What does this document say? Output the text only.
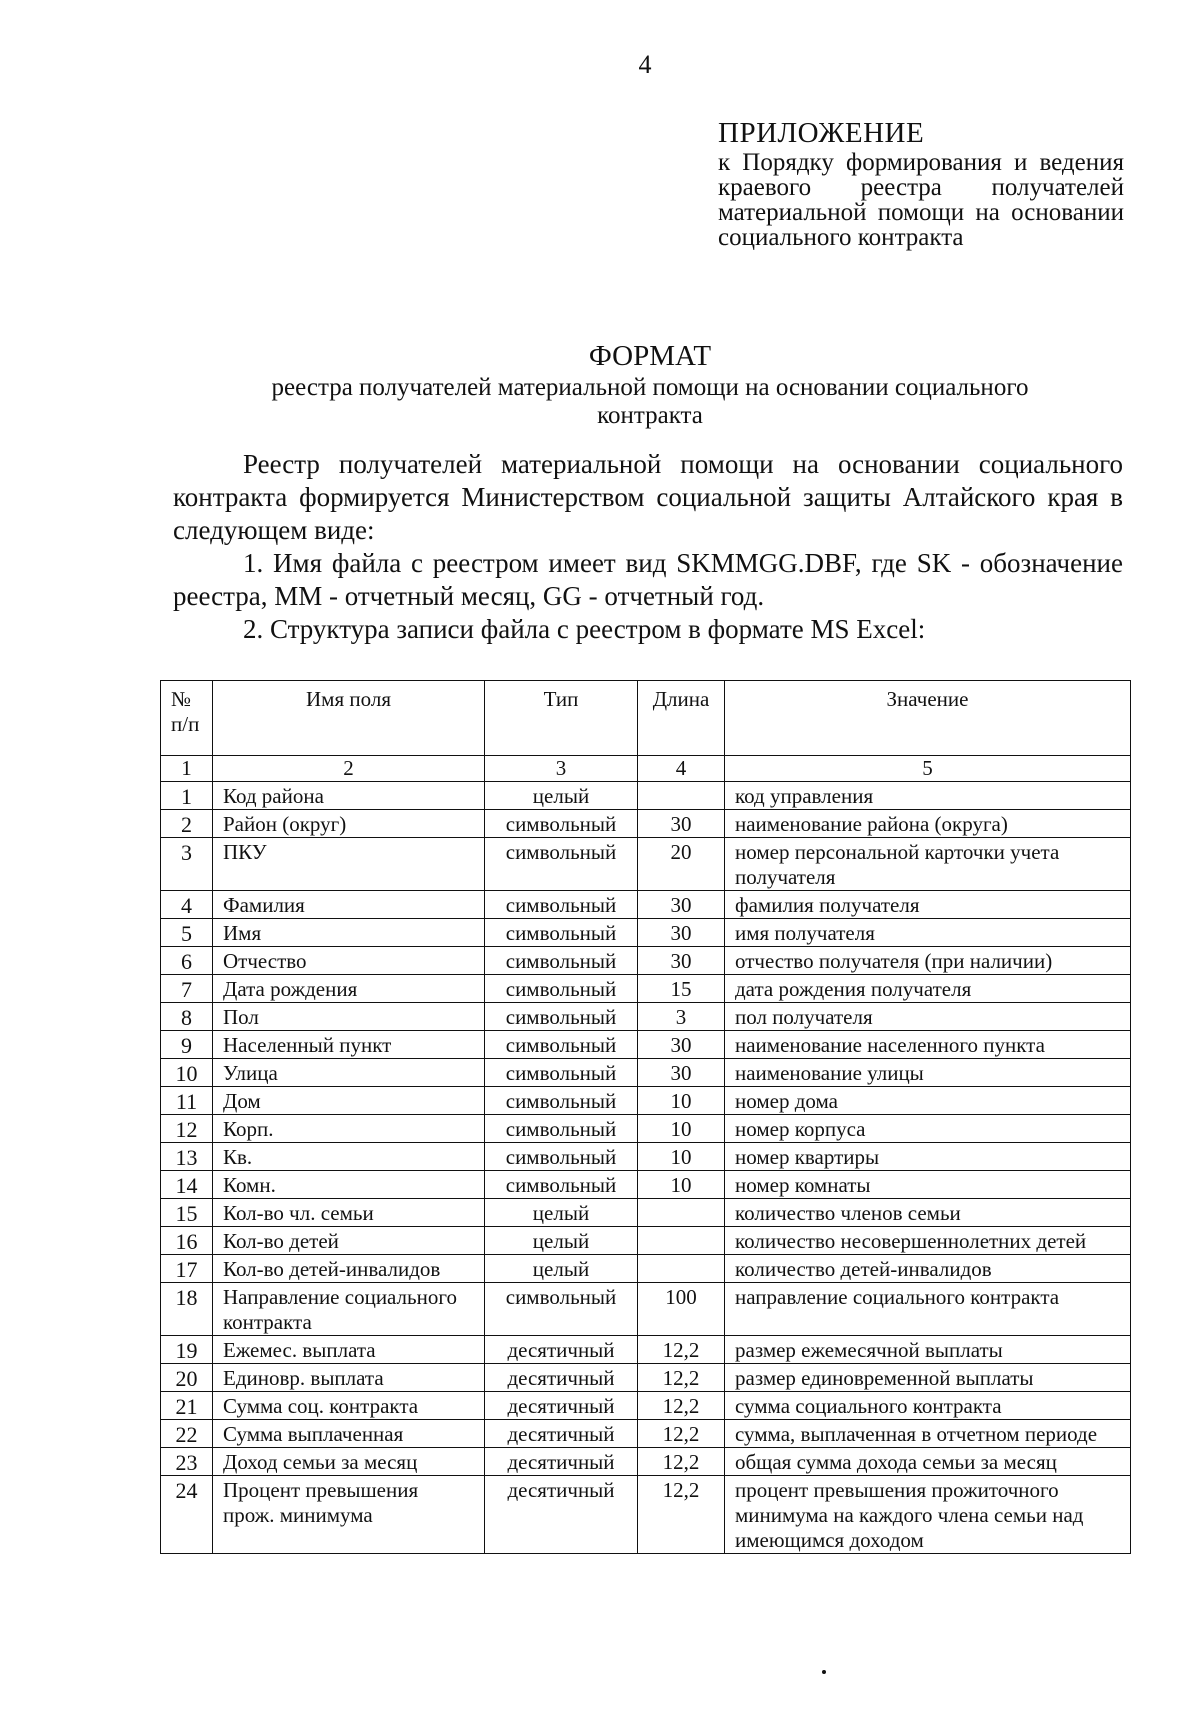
4
ПРИЛОЖЕНИЕ
к Порядку формирования и ведения краевого реестра получателей материальной помощи на основании социального контракта
ФОРМАТ
реестра получателей материальной помощи на основании социального контракта

Реестр получателей материальной помощи на основании социального контракта формируется Министерством социальной защиты Алтайского края в следующем виде:

1. Имя файла с реестром имеет вид SKMMGG.DBF, где SK - обозначение реестра, MM - отчетный месяц, GG - отчетный год.

2. Структура записи файла с реестром в формате MS Excel:

№
п/п	Имя поля	Тип	Длина	Значение
1	2	3	4	5
1	Код района	целый		код управления
2	Район (округ)	символьный	30	наименование района (округа)
3	ПКУ	символьный	20	номер персональной карточки учета получателя
4	Фамилия	символьный	30	фамилия получателя
5	Имя	символьный	30	имя получателя
6	Отчество	символьный	30	отчество получателя (при наличии)
7	Дата рождения	символьный	15	дата рождения получателя
8	Пол	символьный	3	пол получателя
9	Населенный пункт	символьный	30	наименование населенного пункта
10	Улица	символьный	30	наименование улицы
11	Дом	символьный	10	номер дома
12	Корп.	символьный	10	номер корпуса
13	Кв.	символьный	10	номер квартиры
14	Комн.	символьный	10	номер комнаты
15	Кол-во чл. семьи	целый		количество членов семьи
16	Кол-во детей	целый		количество несовершеннолетних детей
17	Кол-во детей-инвалидов	целый		количество детей-инвалидов
18	Направление социального контракта	символьный	100	направление социального контракта
19	Ежемес. выплата	десятичный	12,2	размер ежемесячной выплаты
20	Единовр. выплата	десятичный	12,2	размер единовременной выплаты
21	Сумма соц. контракта	десятичный	12,2	сумма социального контракта
22	Сумма выплаченная	десятичный	12,2	сумма, выплаченная в отчетном периоде
23	Доход семьи за месяц	десятичный	12,2	общая сумма дохода семьи за месяц
24	Процент превышения прож. минимума	десятичный	12,2	процент превышения прожиточного минимума на каждого члена семьи над имеющимся доходом
